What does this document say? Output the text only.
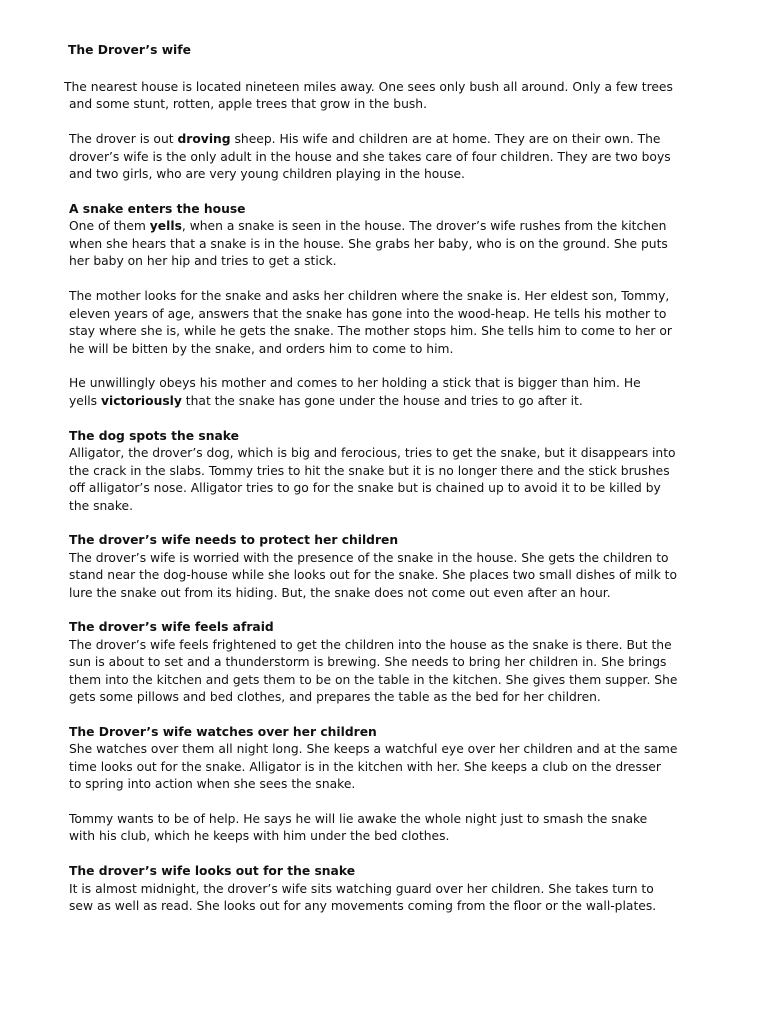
The Drover’s wife
The nearest house is located nineteen miles away. One sees only bush all around. Only a few trees
and some stunt, rotten, apple trees that grow in the bush.
The drover is out droving sheep. His wife and children are at home. They are on their own. The
drover’s wife is the only adult in the house and she takes care of four children. They are two boys
and two girls, who are very young children playing in the house.
A snake enters the house
One of them yells, when a snake is seen in the house. The drover’s wife rushes from the kitchen
when she hears that a snake is in the house. She grabs her baby, who is on the ground. She puts
her baby on her hip and tries to get a stick.
The mother looks for the snake and asks her children where the snake is. Her eldest son, Tommy,
eleven years of age, answers that the snake has gone into the wood-heap. He tells his mother to
stay where she is, while he gets the snake. The mother stops him. She tells him to come to her or
he will be bitten by the snake, and orders him to come to him.
He unwillingly obeys his mother and comes to her holding a stick that is bigger than him. He
yells victoriously that the snake has gone under the house and tries to go after it.
The dog spots the snake
Alligator, the drover’s dog, which is big and ferocious, tries to get the snake, but it disappears into
the crack in the slabs. Tommy tries to hit the snake but it is no longer there and the stick brushes
off alligator’s nose. Alligator tries to go for the snake but is chained up to avoid it to be killed by
the snake.
The drover’s wife needs to protect her children
The drover’s wife is worried with the presence of the snake in the house. She gets the children to
stand near the dog-house while she looks out for the snake. She places two small dishes of milk to
lure the snake out from its hiding. But, the snake does not come out even after an hour.
The drover’s wife feels afraid
The drover’s wife feels frightened to get the children into the house as the snake is there. But the
sun is about to set and a thunderstorm is brewing. She needs to bring her children in. She brings
them into the kitchen and gets them to be on the table in the kitchen. She gives them supper. She
gets some pillows and bed clothes, and prepares the table as the bed for her children.
The Drover’s wife watches over her children
She watches over them all night long. She keeps a watchful eye over her children and at the same
time looks out for the snake. Alligator is in the kitchen with her. She keeps a club on the dresser
to spring into action when she sees the snake.
Tommy wants to be of help. He says he will lie awake the whole night just to smash the snake
with his club, which he keeps with him under the bed clothes.
The drover’s wife looks out for the snake
It is almost midnight, the drover’s wife sits watching guard over her children. She takes turn to
sew as well as read. She looks out for any movements coming from the floor or the wall-plates.
